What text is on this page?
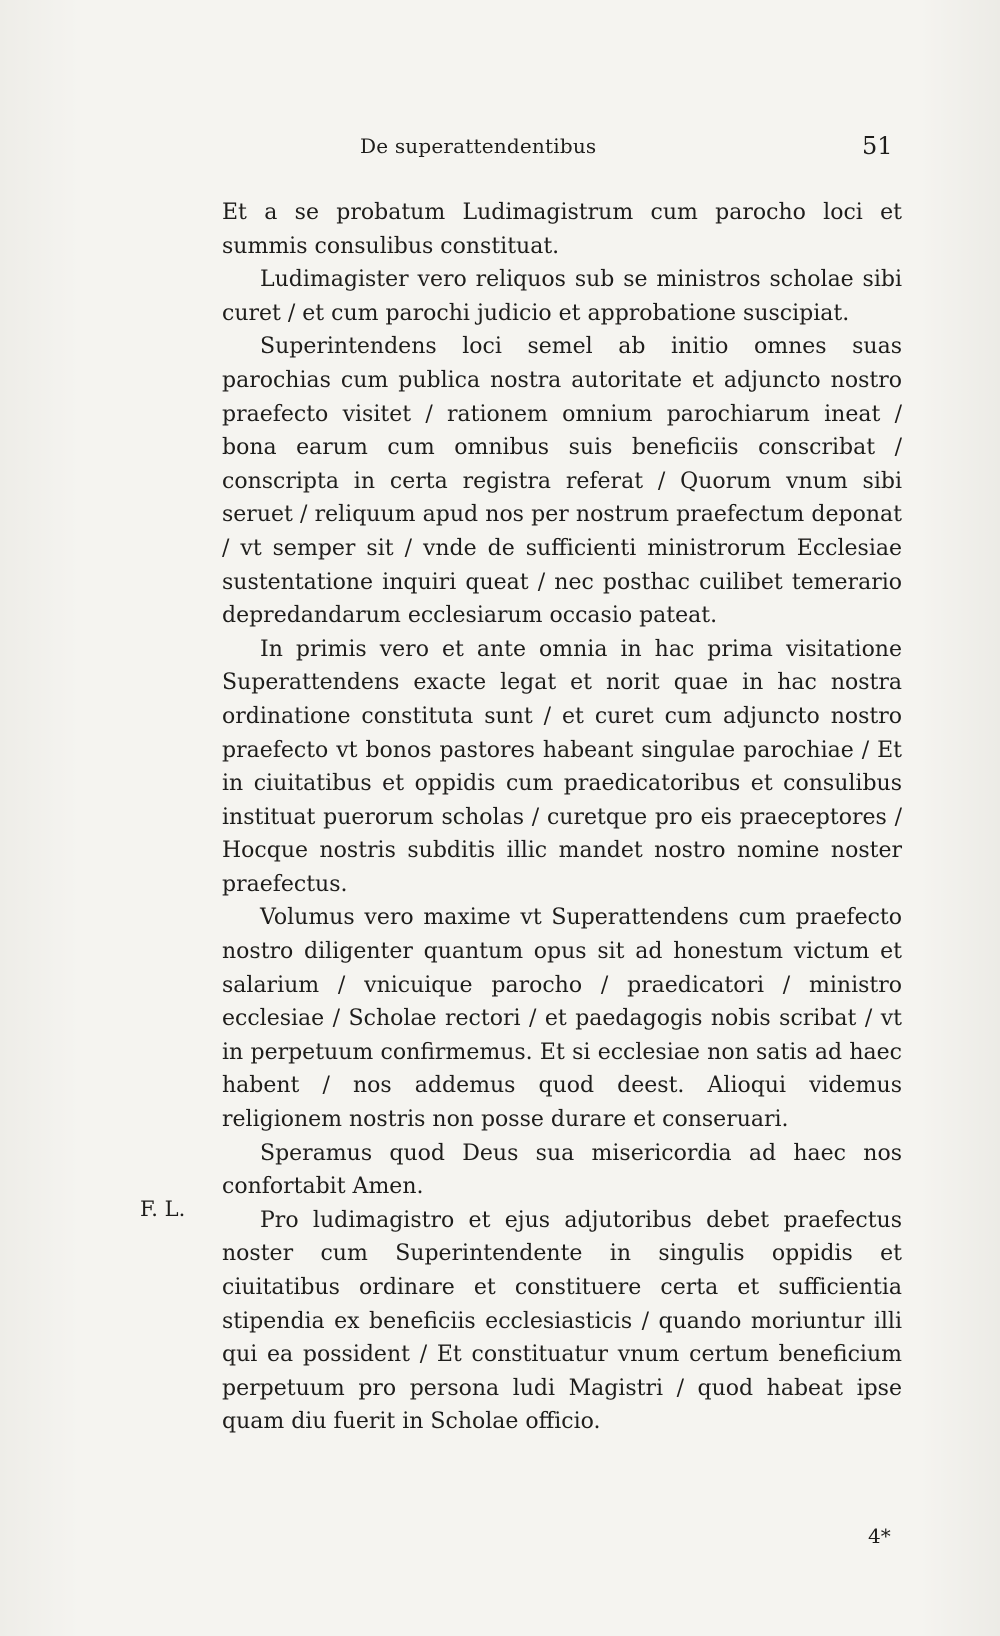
De superattendentibus	51

Et a se probatum Ludimagistrum cum parocho loci et summis consulibus constituat.

Ludimagister vero reliquos sub se ministros scholae sibi curet / et cum parochi judicio et approbatione suscipiat.

Superintendens loci semel ab initio omnes suas parochias cum publica nostra autoritate et adjuncto nostro praefecto visitet / rationem omnium parochiarum ineat / bona earum cum omnibus suis beneficiis conscribat / conscripta in certa registra referat / Quorum vnum sibi seruet / reliquum apud nos per nostrum praefectum deponat / vt semper sit / vnde de sufficienti ministrorum Ecclesiae sustentatione inquiri queat / nec posthac cuilibet temerario depredandarum ecclesiarum occasio pateat.

In primis vero et ante omnia in hac prima visitatione Superattendens exacte legat et norit quae in hac nostra ordinatione constituta sunt / et curet cum adjuncto nostro praefecto vt bonos pastores habeant singulae parochiae / Et in ciuitatibus et oppidis cum praedicatoribus et consulibus instituat puerorum scholas / curetque pro eis praeceptores / Hocque nostris subditis illic mandet nostro nomine noster praefectus.

Volumus vero maxime vt Superattendens cum praefecto nostro diligenter quantum opus sit ad honestum victum et salarium / vnicuique parocho / praedicatori / ministro ecclesiae / Scholae rectori / et paedagogis nobis scribat / vt in perpetuum confirmemus. Et si ecclesiae non satis ad haec habent / nos addemus quod deest. Alioqui videmus religionem nostris non posse durare et conseruari.

Speramus quod Deus sua misericordia ad haec nos confortabit Amen.

Pro ludimagistro et ejus adjutoribus debet praefectus noster cum Superintendente in singulis oppidis et ciuitatibus ordinare et constituere certa et sufficientia stipendia ex beneficiis ecclesiasticis / quando moriuntur illi qui ea possident / Et constituatur vnum certum beneficium perpetuum pro persona ludi Magistri / quod habeat ipse quam diu fuerit in Scholae officio.

F. L.
4*
